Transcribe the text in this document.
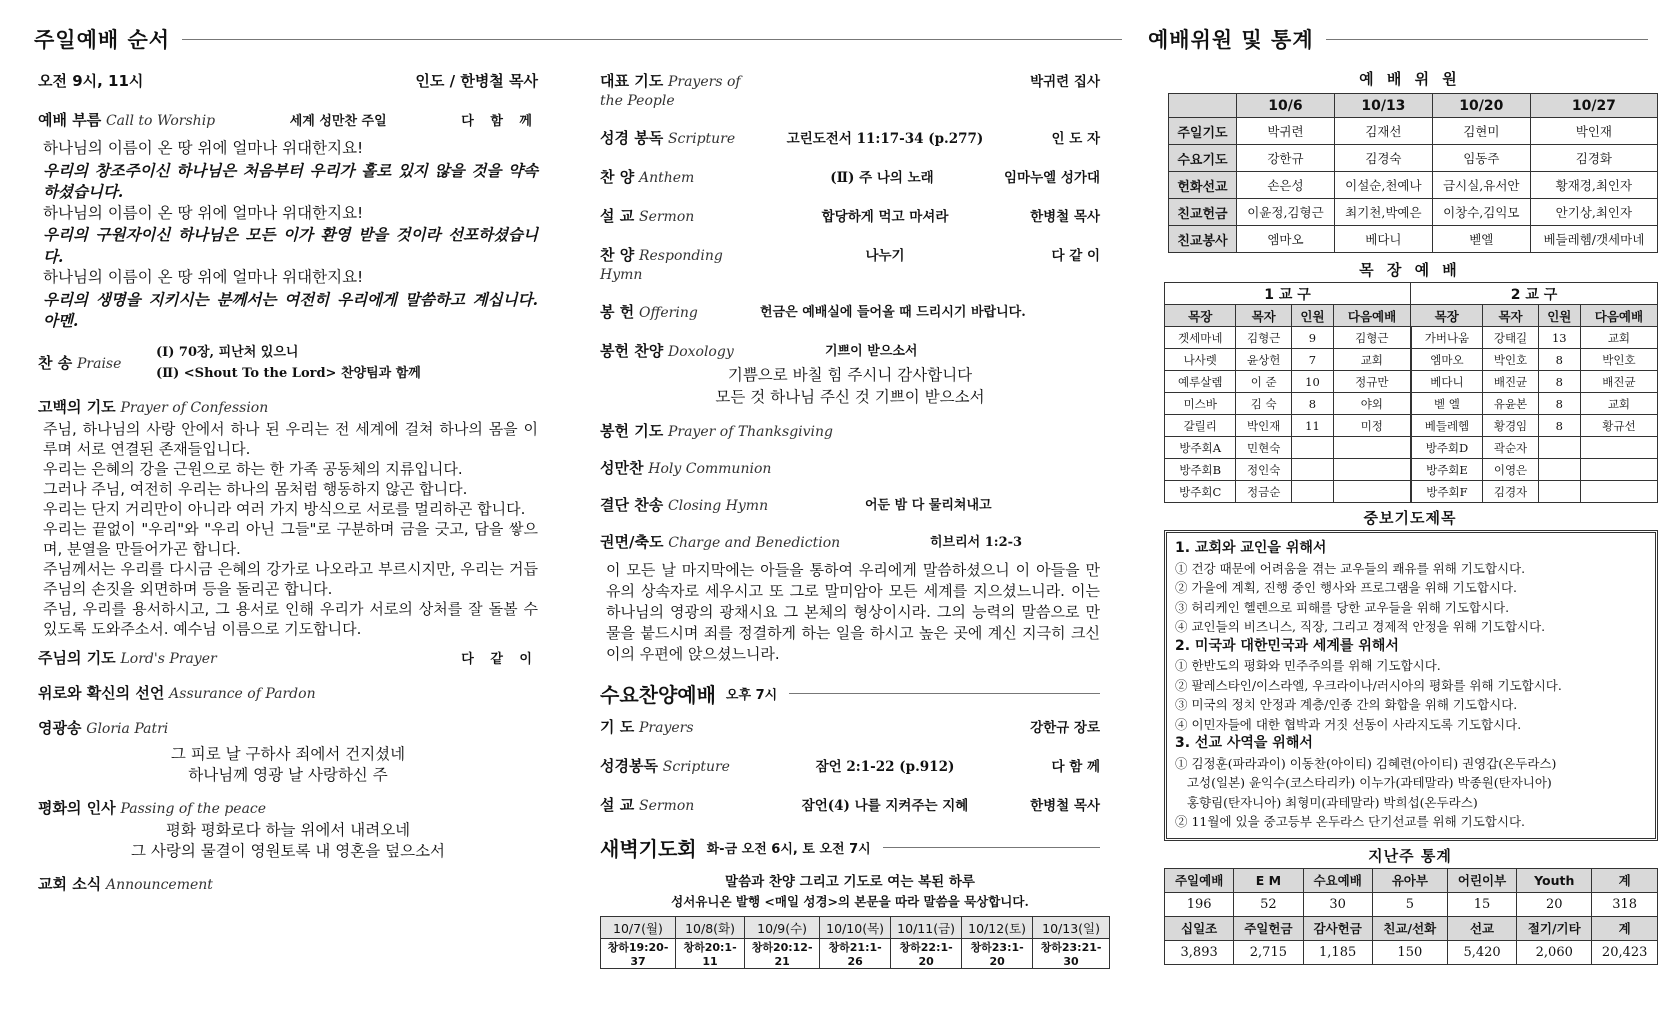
주일예배 순서	예배위원 및 통계
오전 9시, 11시	인도 / 한병철 목사
예배 부름 Call to Worship	세계 성만찬 주일	다 함 께
하나님의 이름이 온 땅 위에 얼마나 위대한지요!
우리의 창조주이신 하나님은 처음부터 우리가 홀로 있지 않을 것을 약속하셨습니다.
하나님의 이름이 온 땅 위에 얼마나 위대한지요!
우리의 구원자이신 하나님은 모든 이가 환영 받을 것이라 선포하셨습니다.
하나님의 이름이 온 땅 위에 얼마나 위대한지요!
우리의 생명을 지키시는 분께서는 여전히 우리에게 말씀하고 계십니다. 아멘.
찬 송 Praise
(Ⅰ) 70장, 피난처 있으니
(Ⅱ) <Shout To the Lord> 찬양팀과 함께
고백의 기도 Prayer of Confession
주님, 하나님의 사랑 안에서 하나 된 우리는 전 세계에 걸쳐 하나의 몸을 이루며 서로 연결된 존재들입니다.
우리는 은혜의 강을 근원으로 하는 한 가족 공동체의 지류입니다.
그러나 주님, 여전히 우리는 하나의 몸처럼 행동하지 않곤 합니다.
우리는 단지 거리만이 아니라 여러 가지 방식으로 서로를 멀리하곤 합니다.
우리는 끝없이 "우리"와 "우리 아닌 그들"로 구분하며 금을 긋고, 담을 쌓으며, 분열을 만들어가곤 합니다.
주님께서는 우리를 다시금 은혜의 강가로 나오라고 부르시지만, 우리는 거듭 주님의 손짓을 외면하며 등을 돌리곤 합니다.
주님, 우리를 용서하시고, 그 용서로 인해 우리가 서로의 상처를 잘 돌볼 수 있도록 도와주소서. 예수님 이름으로 기도합니다.
주님의 기도 Lord's Prayer	다 같 이
위로와 확신의 선언 Assurance of Pardon
영광송 Gloria Patri
그 피로 날 구하사 죄에서 건지셨네
하나님께 영광 날 사랑하신 주
평화의 인사 Passing of the peace
평화 평화로다 하늘 위에서 내려오네
그 사랑의 물결이 영원토록 내 영혼을 덮으소서
교회 소식 Announcement
대표 기도 Prayers of the People
박귀련 집사
성경 봉독 Scripture	고린도전서 11:17-34 (p.277)	인 도 자
찬 양 Anthem	(Ⅱ) 주 나의 노래	임마누엘 성가대
설 교 Sermon	합당하게 먹고 마셔라	한병철 목사
찬 양 Responding Hymn
나누기	다 같 이
봉 헌 Offering	헌금은 예배실에 들어올 때 드리시기 바랍니다.
봉헌 찬양 Doxology	기쁘이 받으소서
기쁨으로 바칠 힘 주시니 감사합니다
모든 것 하나님 주신 것 기쁘이 받으소서
봉헌 기도 Prayer of Thanksgiving
성만찬 Holy Communion
결단 찬송 Closing Hymn	어둔 밤 다 물리쳐내고
권면/축도 Charge and Benediction	히브리서 1:2-3
이 모든 날 마지막에는 아들을 통하여 우리에게 말씀하셨으니 이 아들을 만유의 상속자로 세우시고 또 그로 말미암아 모든 세계를 지으셨느니라. 이는 하나님의 영광의 광채시요 그 본체의 형상이시라. 그의 능력의 말씀으로 만물을 붙드시며 죄를 정결하게 하는 일을 하시고 높은 곳에 계신 지극히 크신 이의 우편에 앉으셨느니라.
수요찬양예배 오후 7시
기 도 Prayers	강한규 장로
성경봉독 Scripture	잠언 2:1-22 (p.912)	다 함 께
설 교 Sermon	잠언(4) 나를 지켜주는 지혜	한병철 목사
새벽기도회 화-금 오전 6시, 토 오전 7시
말씀과 찬양 그리고 기도로 여는 복된 하루
성서유니온 발행 <매일 성경>의 본문을 따라 말씀을 묵상합니다.
10/7(월)	10/8(화)	10/9(수)	10/10(목)	10/11(금)	10/12(토)	10/13(일)
창하19:20-37	창하20:1-11	창하20:12-21	창하21:1-26	창하22:1-20	창하23:1-20	창하23:21-30
예 배 위 원
	10/6	10/13	10/20	10/27
주일기도	박귀련	김재선	김현미	박인재
수요기도	강한규	김경숙	임동주	김경화
헌화선교	손은성	이설순,천예나	금시실,유서안	황재경,최인자
친교헌금	이윤정,김형근	최기천,박예은	이창수,김익모	안기상,최인자
친교봉사	엠마오	베다니	벧엘	베들레헴/갯세마네
목 장 예 배
1 교 구				2 교 구			
목장	목자	인원	다음예배	목장	목자	인원	다음예배
겟세마네	김형근	9	김형근	가버나움	강태길	13	교회
나사렛	윤상헌	7	교회	엠마오	박인호	8	박인호
예루살렘	이 준	10	정규만	베다니	배진균	8	배진균
미스바	김 숙	8	야외	벧 엘	유윤본	8	교회
갈릴리	박인재	11	미정	베들레헴	황경임	8	황규선
방주회A	민현숙			방주회D	곽순자		
방주회B	정인숙			방주회E	이영은		
방주회C	정금순			방주회F	김경자		
중보기도제목
1. 교회와 교인을 위해서
① 건강 때문에 어려움을 겪는 교우들의 쾌유를 위해 기도합시다.
② 가을에 계획, 진행 중인 행사와 프로그램을 위해 기도합시다.
③ 허리케인 헬렌으로 피해를 당한 교우들을 위해 기도합시다.
④ 교인들의 비즈니스, 직장, 그리고 경제적 안정을 위해 기도합시다.
2. 미국과 대한민국과 세계를 위해서
① 한반도의 평화와 민주주의를 위해 기도합시다.
② 팔레스타인/이스라엘, 우크라이나/러시아의 평화를 위해 기도합시다.
③ 미국의 정치 안정과 계층/인종 간의 화합을 위해 기도합시다.
④ 이민자들에 대한 협박과 거짓 선동이 사라지도록 기도합시다.
3. 선교 사역을 위해서
① 김정훈(파라과이) 이동찬(아이티) 김혜련(아이티) 권영갑(온두라스)
고성(일본) 윤익수(코스타리카) 이누가(과테말라) 박종원(탄자니아)
홍향림(탄자니아) 최형미(과테말라) 박희섭(온두라스)
② 11월에 있을 중고등부 온두라스 단기선교를 위해 기도합시다.
지난주 통계
주일예배	E M	수요예배	유아부	어린이부	Youth	계
196	52	30	5	15	20	318
십일조	주일헌금	감사헌금	친교/선화	선교	절기/기타	계
3,893	2,715	1,185	150	5,420	2,060	20,423
